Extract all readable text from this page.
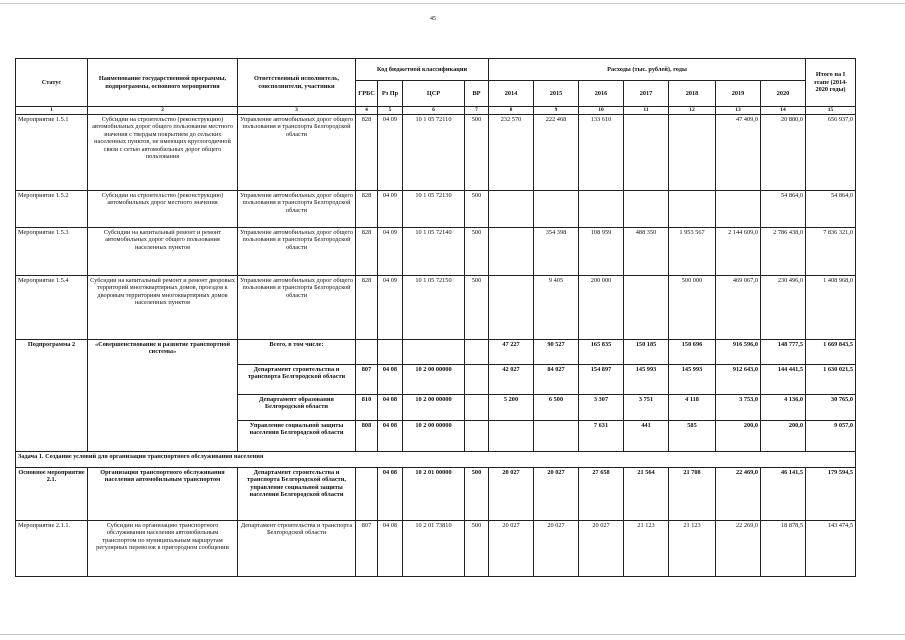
45
Статус	Наименование государственной программы, подпрограммы, основного мероприятия	Ответственный исполнитель, соисполнители, участники	Код бюджетной классификации				Расходы (тыс. рублей), годы							Итого на I этапе (2014-2020 годы)
			ГРБС	Рз Пр	ЦСР	ВР	2014	2015	2016	2017	2018	2019	2020	
1	2	3	4	5	6	7	8	9	10	11	12	13	14	15
Мероприятие 1.5.1	Субсидии на строительство (реконструкцию) автомобильных дорог общего пользования местного значения с твердым покрытием до сельских населенных пунктов, не имеющих круглогодичной связи с сетью автомобильных дорог общего пользования	Управление автомобильных дорог общего пользования и транспорта Белгородской области	828	04 09	10 1 05 72110	500	232 570	222 468	133 610			47 409,0	20 880,0	656 937,0
Мероприятие 1.5.2	Субсидии на строительство (реконструкцию) автомобильных дорог местного значения	Управление автомобильных дорог общего пользования и транспорта Белгородской области	828	04 09	10 1 05 72130	500							54 864,0	54 864,0
Мероприятие 1.5.3	Субсидии на капитальный ремонт и ремонт автомобильных дорог общего пользования населенных пунктов	Управление автомобильных дорог общего пользования и транспорта Белгородской области	828	04 09	10 1 05 72140	500		354 398	108 959	488 350	1 953 567	2 144 609,0	2 786 438,0	7 836 321,0
Мероприятие 1.5.4	Субсидии на капитальный ремонт и ремонт дворовых территорий многоквартирных домов, проездов к дворовым территориям многоквартирных домов населенных пунктов	Управление автомобильных дорог общего пользования и транспорта Белгородской области	828	04 09	10 1 05 72150	500		9 405	200 000		500 000	469 067,0	230 496,0	1 408 968,0
Подпрограмма 2	«Совершенствование и развитие транспортной системы»	Всего, в том числе:					47 227	90 527	165 835	150 185	150 696	916 596,0	148 777,5	1 669 843,5
		Департамент строительства и транспорта Белгородской области	807	04 08	10 2 00 00000		42 027	84 027	154 897	145 993	145 993	912 643,0	144 441,5	1 630 021,5
		Департамент образования Белгородской области	810	04 08	10 2 00 00000		5 200	6 500	3 307	3 751	4 118	3 753,0	4 136,0	30 765,0
		Управление социальной защиты населения Белгородской области	808	04 08	10 2 00 00000				7 631	441	585	200,0	200,0	9 057,0
Задача 1. Создание условий для организации транспортного обслуживания населения														
Основное мероприятие 2.1.	Организация транспортного обслуживания населения автомобильным транспортом	Департамент строительства и транспорта Белгородской области, управление социальной защиты населения Белгородской области		04 08	10 2 01 00000	500	20 027	20 027	27 658	21 564	21 708	22 469,0	46 141,5	179 594,5
Мероприятие 2.1.1.	Субсидии на организацию транспортного обслуживания населения автомобильным транспортом по муниципальным маршрутам регулярных перевозок в пригородном сообщении	Департамент строительства и транспорта Белгородской области	807	04 08	10 2 01 73810	500	20 027	20 027	20 027	21 123	21 123	22 269,0	18 878,5	143 474,5
